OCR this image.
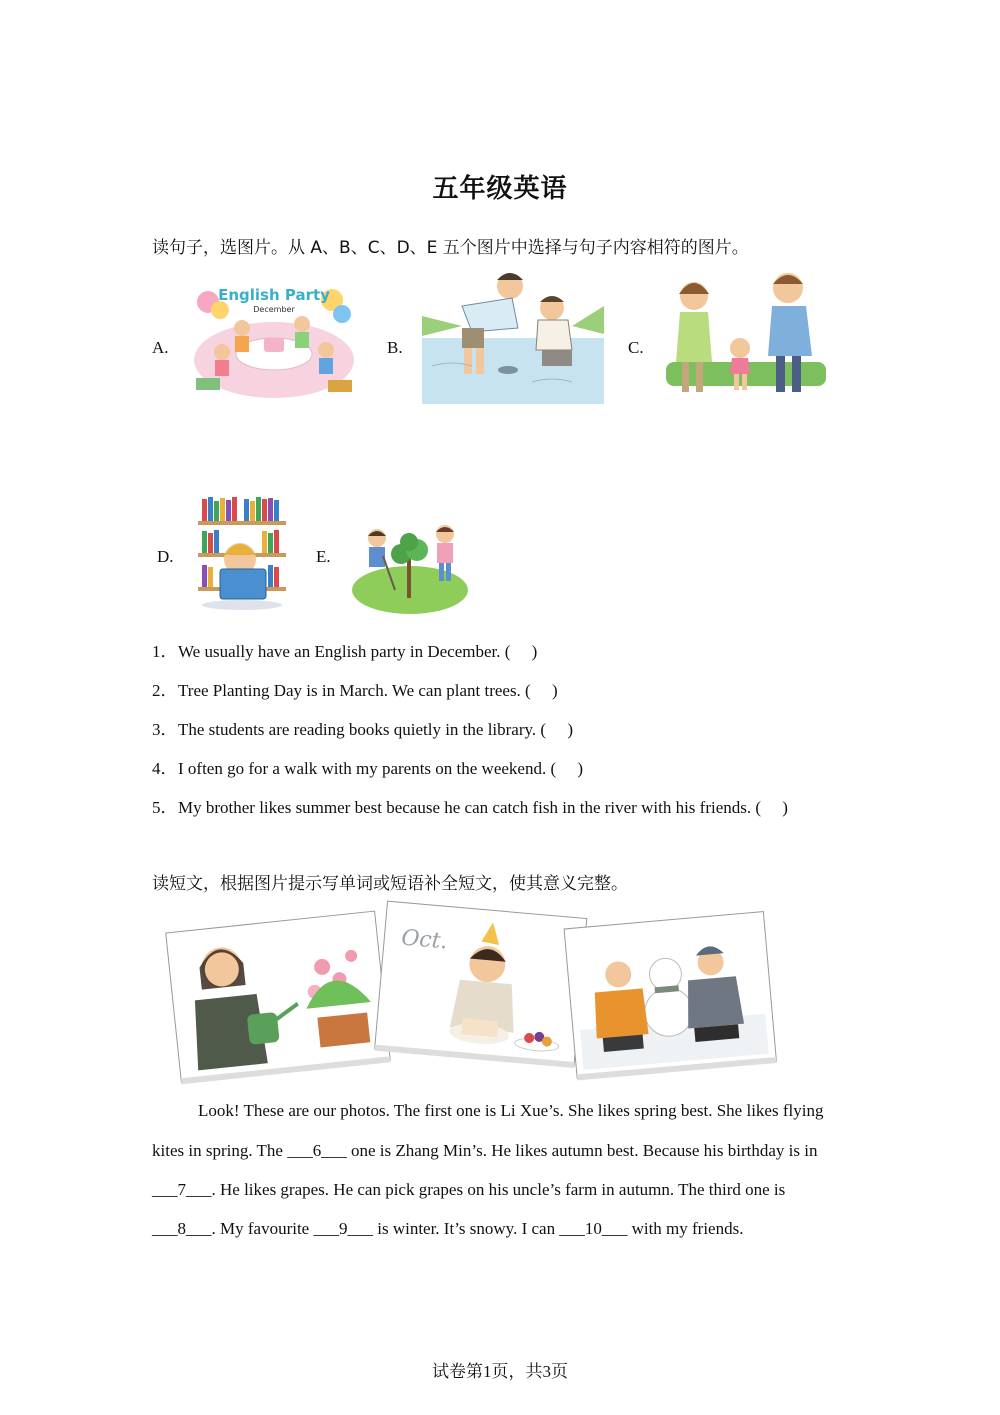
五年级英语
读句子，选图片。从 A、B、C、D、E 五个图片中选择与句子内容相符的图片。
A.
English Party
December
B.	C.
D.	E.
1．We usually have an English party in December. (     )
2．Tree Planting Day is in March. We can plant trees. (     )
3．The students are reading books quietly in the library. (     )
4．I often go for a walk with my parents on the weekend. (     )
5．My brother likes summer best because he can catch fish in the river with his friends. (     )
读短文，根据图片提示写单词或短语补全短文，使其意义完整。
Oct.
Look! These are our photos. The first one is Li Xue’s. She likes spring best. She likes flying
kites in spring. The ___6___ one is Zhang Min’s. He likes autumn best. Because his birthday is in
___7___. He likes grapes. He can pick grapes on his uncle’s farm in autumn. The third one is
___8___. My favourite ___9___ is winter. It’s snowy. I can ___10___ with my friends.
试卷第1页，共3页
